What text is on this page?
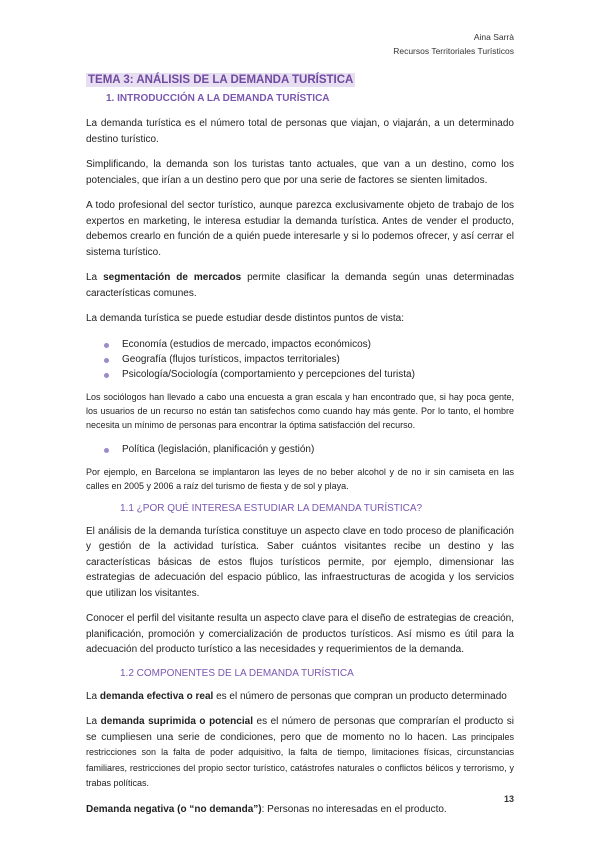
Aina Sarrà
Recursos Territoriales Turísticos
TEMA 3: ANÁLISIS DE LA DEMANDA TURÍSTICA
1. INTRODUCCIÓN A LA DEMANDA TURÍSTICA

La demanda turística es el número total de personas que viajan, o viajarán, a un determinado destino turístico.

Simplificando, la demanda son los turistas tanto actuales, que van a un destino, como los potenciales, que irían a un destino pero que por una serie de factores se sienten limitados.

A todo profesional del sector turístico, aunque parezca exclusivamente objeto de trabajo de los expertos en marketing, le interesa estudiar la demanda turística. Antes de vender el producto, debemos crearlo en función de a quién puede interesarle y si lo podemos ofrecer, y así cerrar el sistema turístico.

La segmentación de mercados permite clasificar la demanda según unas determinadas características comunes.

La demanda turística se puede estudiar desde distintos puntos de vista:

Economía (estudios de mercado, impactos económicos)
Geografía (flujos turísticos, impactos territoriales)
Psicología/Sociología (comportamiento y percepciones del turista)

Los sociólogos han llevado a cabo una encuesta a gran escala y han encontrado que, si hay poca gente, los usuarios de un recurso no están tan satisfechos como cuando hay más gente. Por lo tanto, el hombre necesita un mínimo de personas para encontrar la óptima satisfacción del recurso.

Política (legislación, planificación y gestión)

Por ejemplo, en Barcelona se implantaron las leyes de no beber alcohol y de no ir sin camiseta en las calles en 2005 y 2006 a raíz del turismo de fiesta y de sol y playa.

1.1 ¿POR QUÉ INTERESA ESTUDIAR LA DEMANDA TURÍSTICA?

El análisis de la demanda turística constituye un aspecto clave en todo proceso de planificación y gestión de la actividad turística. Saber cuántos visitantes recibe un destino y las características básicas de estos flujos turísticos permite, por ejemplo, dimensionar las estrategias de adecuación del espacio público, las infraestructuras de acogida y los servicios que utilizan los visitantes.

Conocer el perfil del visitante resulta un aspecto clave para el diseño de estrategias de creación, planificación, promoción y comercialización de productos turísticos. Así mismo es útil para la adecuación del producto turístico a las necesidades y requerimientos de la demanda.

1.2 COMPONENTES DE LA DEMANDA TURÍSTICA

La demanda efectiva o real es el número de personas que compran un producto determinado

La demanda suprimida o potencial es el número de personas que comprarían el producto si se cumpliesen una serie de condiciones, pero que de momento no lo hacen. Las principales restricciones son la falta de poder adquisitivo, la falta de tiempo, limitaciones físicas, circunstancias familiares, restricciones del propio sector turístico, catástrofes naturales o conflictos bélicos y terrorismo, y trabas políticas.

Demanda negativa (o “no demanda”): Personas no interesadas en el producto.

13
